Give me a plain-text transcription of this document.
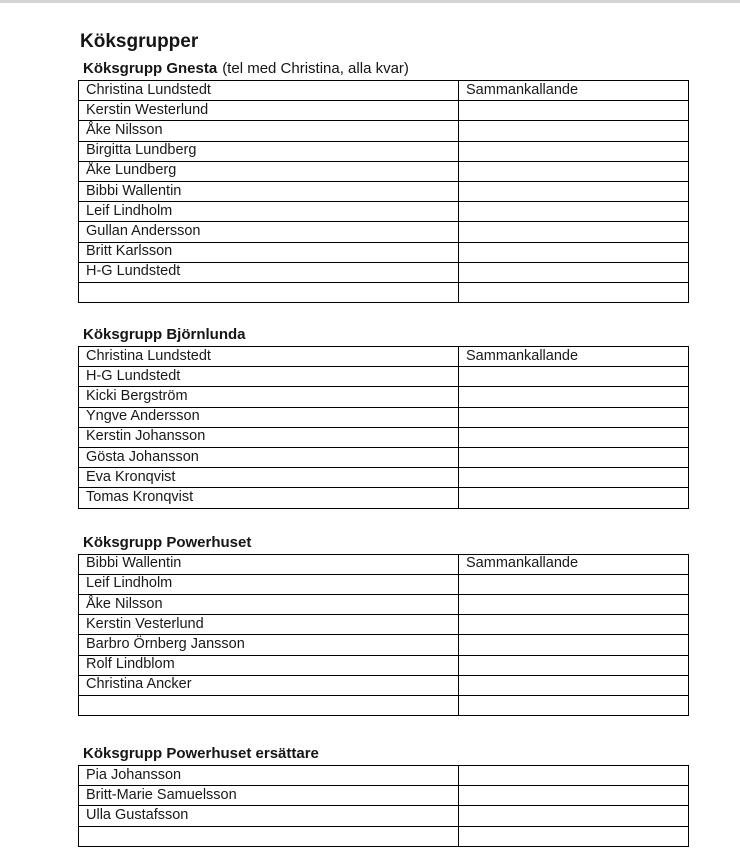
Köksgrupper
Köksgrupp Gnesta (tel med Christina, alla kvar)
Christina Lundstedt	Sammankallande
Kerstin Westerlund	
Åke Nilsson	
Birgitta Lundberg	
Åke Lundberg	
Bibbi Wallentin	
Leif Lindholm	
Gullan Andersson	
Britt Karlsson	
H-G Lundstedt	

Köksgrupp Björnlunda
Christina Lundstedt	Sammankallande
H-G Lundstedt	
Kicki Bergström	
Yngve Andersson	
Kerstin Johansson	
Gösta Johansson	
Eva Kronqvist	
Tomas Kronqvist	
Köksgrupp Powerhuset
Bibbi Wallentin	Sammankallande
Leif Lindholm	
Åke Nilsson	
Kerstin Vesterlund	
Barbro Örnberg Jansson	
Rolf Lindblom	
Christina Ancker	

Köksgrupp Powerhuset ersättare
Pia Johansson	
Britt-Marie Samuelsson	
Ulla Gustafsson	
